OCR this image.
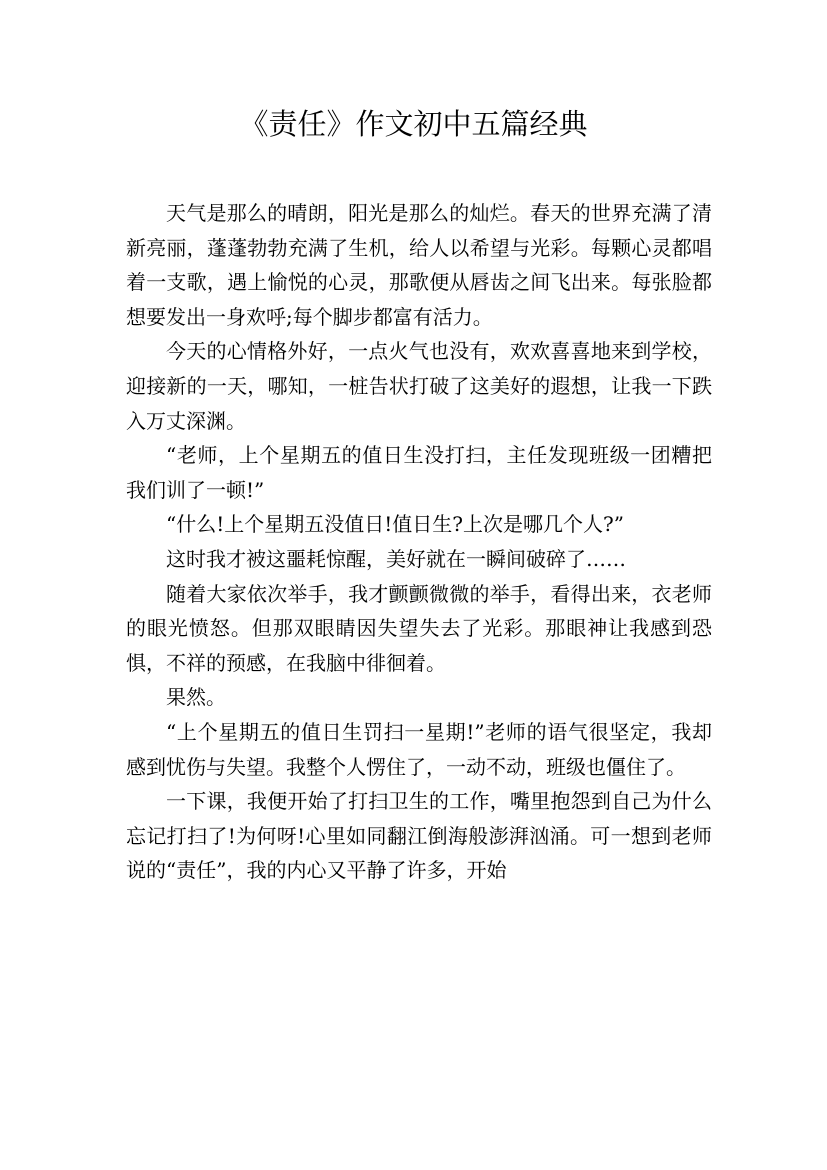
《责任》作文初中五篇经典

天气是那么的晴朗，阳光是那么的灿烂。春天的世界充满了清新亮丽，蓬蓬勃勃充满了生机，给人以希望与光彩。每颗心灵都唱着一支歌，遇上愉悦的心灵，那歌便从唇齿之间飞出来。每张脸都想要发出一身欢呼;每个脚步都富有活力。

今天的心情格外好，一点火气也没有，欢欢喜喜地来到学校，迎接新的一天，哪知，一桩告状打破了这美好的遐想，让我一下跌入万丈深渊。

“老师，上个星期五的值日生没打扫，主任发现班级一团糟把我们训了一顿!”

“什么!上个星期五没值日!值日生?上次是哪几个人?”

这时我才被这噩耗惊醒，美好就在一瞬间破碎了……

随着大家依次举手，我才颤颤微微的举手，看得出来，衣老师的眼光愤怒。但那双眼睛因失望失去了光彩。那眼神让我感到恐惧，不祥的预感，在我脑中徘徊着。

果然。

“上个星期五的值日生罚扫一星期!”老师的语气很坚定，我却感到忧伤与失望。我整个人愣住了，一动不动，班级也僵住了。

一下课，我便开始了打扫卫生的工作，嘴里抱怨到自己为什么忘记打扫了!为何呀!心里如同翻江倒海般澎湃汹涌。可一想到老师说的“责任”，我的内心又平静了许多，开始
